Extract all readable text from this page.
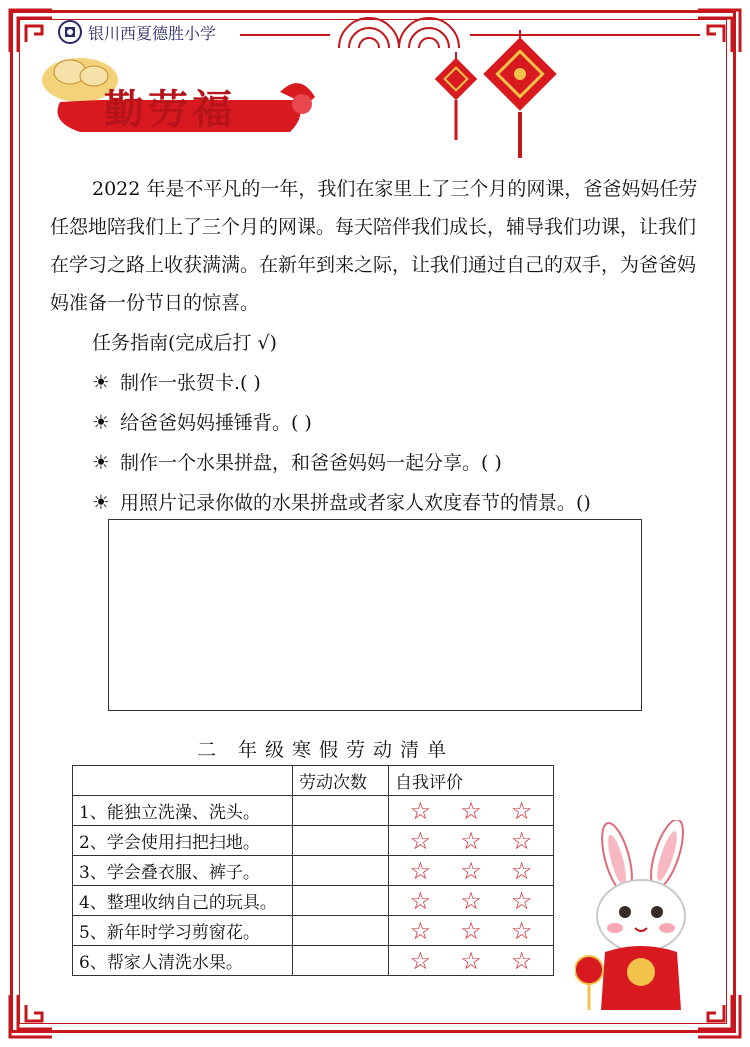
银川西夏德胜小学
勤劳福

2022 年是不平凡的一年，我们在家里上了三个月的网课，爸爸妈妈任劳任怨地陪我们上了三个月的网课。每天陪伴我们成长，辅导我们功课，让我们在学习之路上收获满满。在新年到来之际，让我们通过自己的双手，为爸爸妈妈准备一份节日的惊喜。

任务指南(完成后打 √)
☀ 制作一张贺卡.( )
☀ 给爸爸妈妈捶锤背。( )
☀ 制作一个水果拼盘，和爸爸妈妈一起分享。( )
☀ 用照片记录你做的水果拼盘或者家人欢度春节的情景。()
二 年级寒假劳动清单
	劳动次数	自我评价
1、能独立洗澡、洗头。		☆ ☆ ☆

2、学会使用扫把扫地。		☆ ☆ ☆

3、学会叠衣服、裤子。		☆ ☆ ☆

4、整理收纳自己的玩具。		☆ ☆ ☆

5、新年时学习剪窗花。		☆ ☆ ☆

6、帮家人清洗水果。		☆ ☆ ☆
